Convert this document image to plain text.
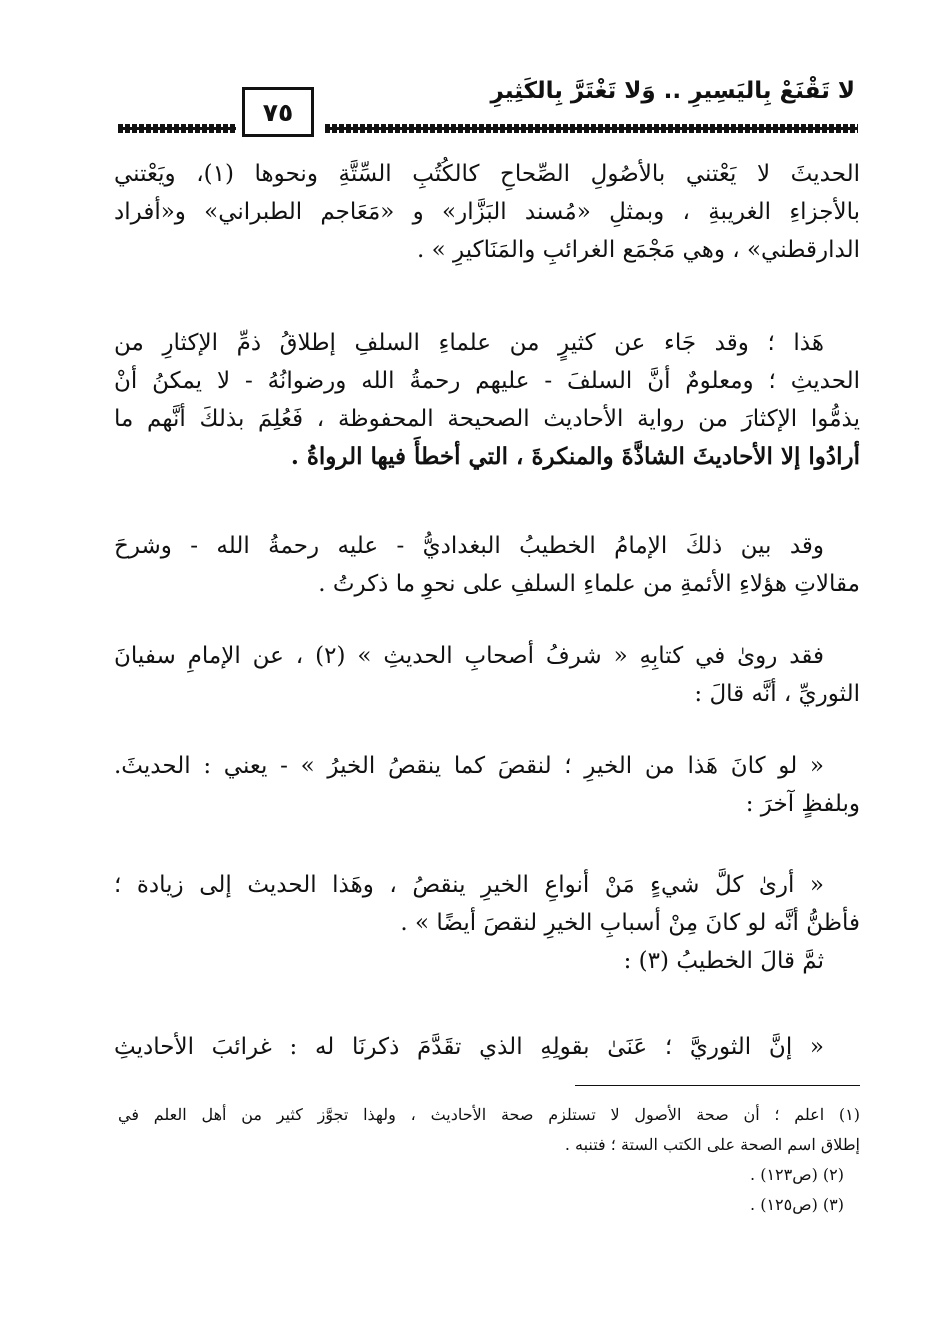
لا تَقْنَعْ بِاليَسِيرِ .. وَلا تَغْتَرَّ بِالكَثِيرِ
٧٥
الحديثَ لا يَعْتني بالأصُولِ الصِّحاحِ كالكُتُبِ السِّتَّةِ ونحوها (١)، ويَعْتني
بالأجزاءِ الغريبةِ ، وبمثلِ «مُسند البَزَّار» و «مَعَاجم الطبراني» و«أفراد
الدارقطني» ، وهي مَجْمَع الغرائبِ والمَنَاكيرِ » .
هَذا ؛ وقد جَاء عن كثيرٍ من علماءِ السلفِ إطلاقُ ذمِّ الإكثارِ من
الحديثِ ؛ ومعلومٌ أنَّ السلفَ - عليهم رحمةُ الله ورضوانُهُ - لا يمكنُ أنْ
يذمُّوا الإكثارَ من رواية الأحاديث الصحيحة المحفوظة ، فَعُلِمَ بذلكَ أنَّهم ما
أرادُوا إلا الأحاديثَ الشاذَّةَ والمنكرةَ ، التي أخطأَ فيها الرواةُ .
وقد بين ذلكَ الإمامُ الخطيبُ البغداديُّ - عليه رحمةُ الله - وشرحَ
مقالاتِ هؤلاءِ الأئمةِ من علماءِ السلفِ على نحوِ ما ذكرتُ .
فقد روىٰ في كتابِهِ « شرفُ أصحابِ الحديثِ » (٢) ، عن الإمامِ سفيانَ
الثوريِّ ، أنَّه قالَ :
« لو كانَ هَذا من الخيرِ ؛ لنقصَ كما ينقصُ الخيرُ » - يعني : الحديثَ.
وبلفظٍ آخرَ :
« أرىٰ كلَّ شيءٍ مَنْ أنواعِ الخيرِ ينقصُ ، وهَذا الحديث إلى زيادة ؛
فأظنُّ أنَّه لو كانَ مِنْ أسبابِ الخيرِ لنقصَ أيضًا » .
ثمَّ قالَ الخطيبُ (٣) :
« إنَّ الثوريَّ ؛ عَنَىٰ بقولِهِ الذي تقَدَّمَ ذكرنَا له : غرائبَ الأحاديثِ
(١) اعلم ؛ أن صحة الأصول لا تستلزم صحة الأحاديث ، ولهذا تجوَّز كثير من أهل العلم في
إطلاق اسم الصحة على الكتب الستة ؛ فتنبه .
(٢) (ص١٢٣) .
(٣) (ص١٢٥) .
